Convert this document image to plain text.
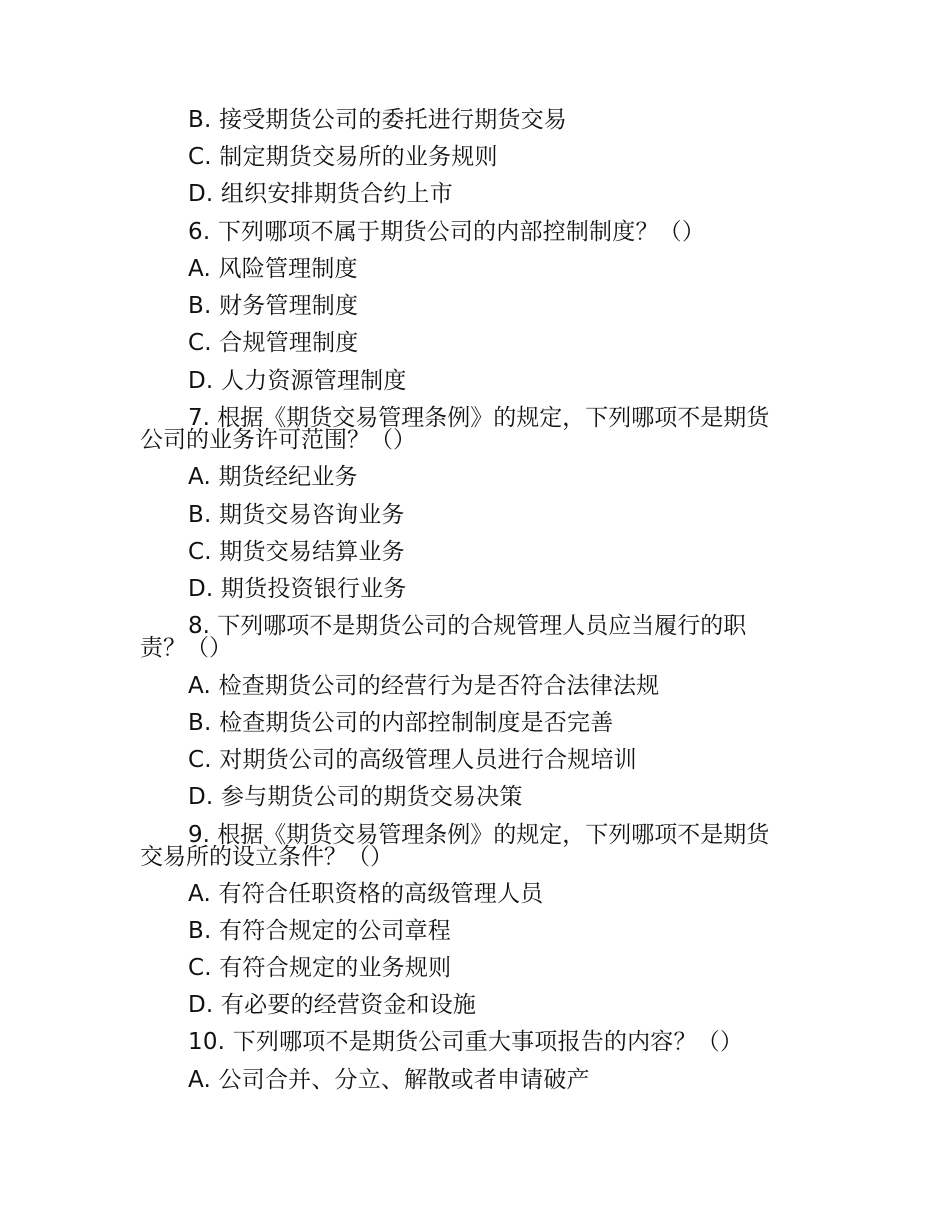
B. 接受期货公司的委托进行期货交易
C. 制定期货交易所的业务规则
D. 组织安排期货合约上市
6. 下列哪项不属于期货公司的内部控制制度？（）
A. 风险管理制度
B. 财务管理制度
C. 合规管理制度
D. 人力资源管理制度
7. 根据《期货交易管理条例》的规定，下列哪项不是期货
公司的业务许可范围？（）
A. 期货经纪业务
B. 期货交易咨询业务
C. 期货交易结算业务
D. 期货投资银行业务
8. 下列哪项不是期货公司的合规管理人员应当履行的职
责？（）
A. 检查期货公司的经营行为是否符合法律法规
B. 检查期货公司的内部控制制度是否完善
C. 对期货公司的高级管理人员进行合规培训
D. 参与期货公司的期货交易决策
9. 根据《期货交易管理条例》的规定，下列哪项不是期货
交易所的设立条件？（）
A. 有符合任职资格的高级管理人员
B. 有符合规定的公司章程
C. 有符合规定的业务规则
D. 有必要的经营资金和设施
10. 下列哪项不是期货公司重大事项报告的内容？（）
A. 公司合并、分立、解散或者申请破产
